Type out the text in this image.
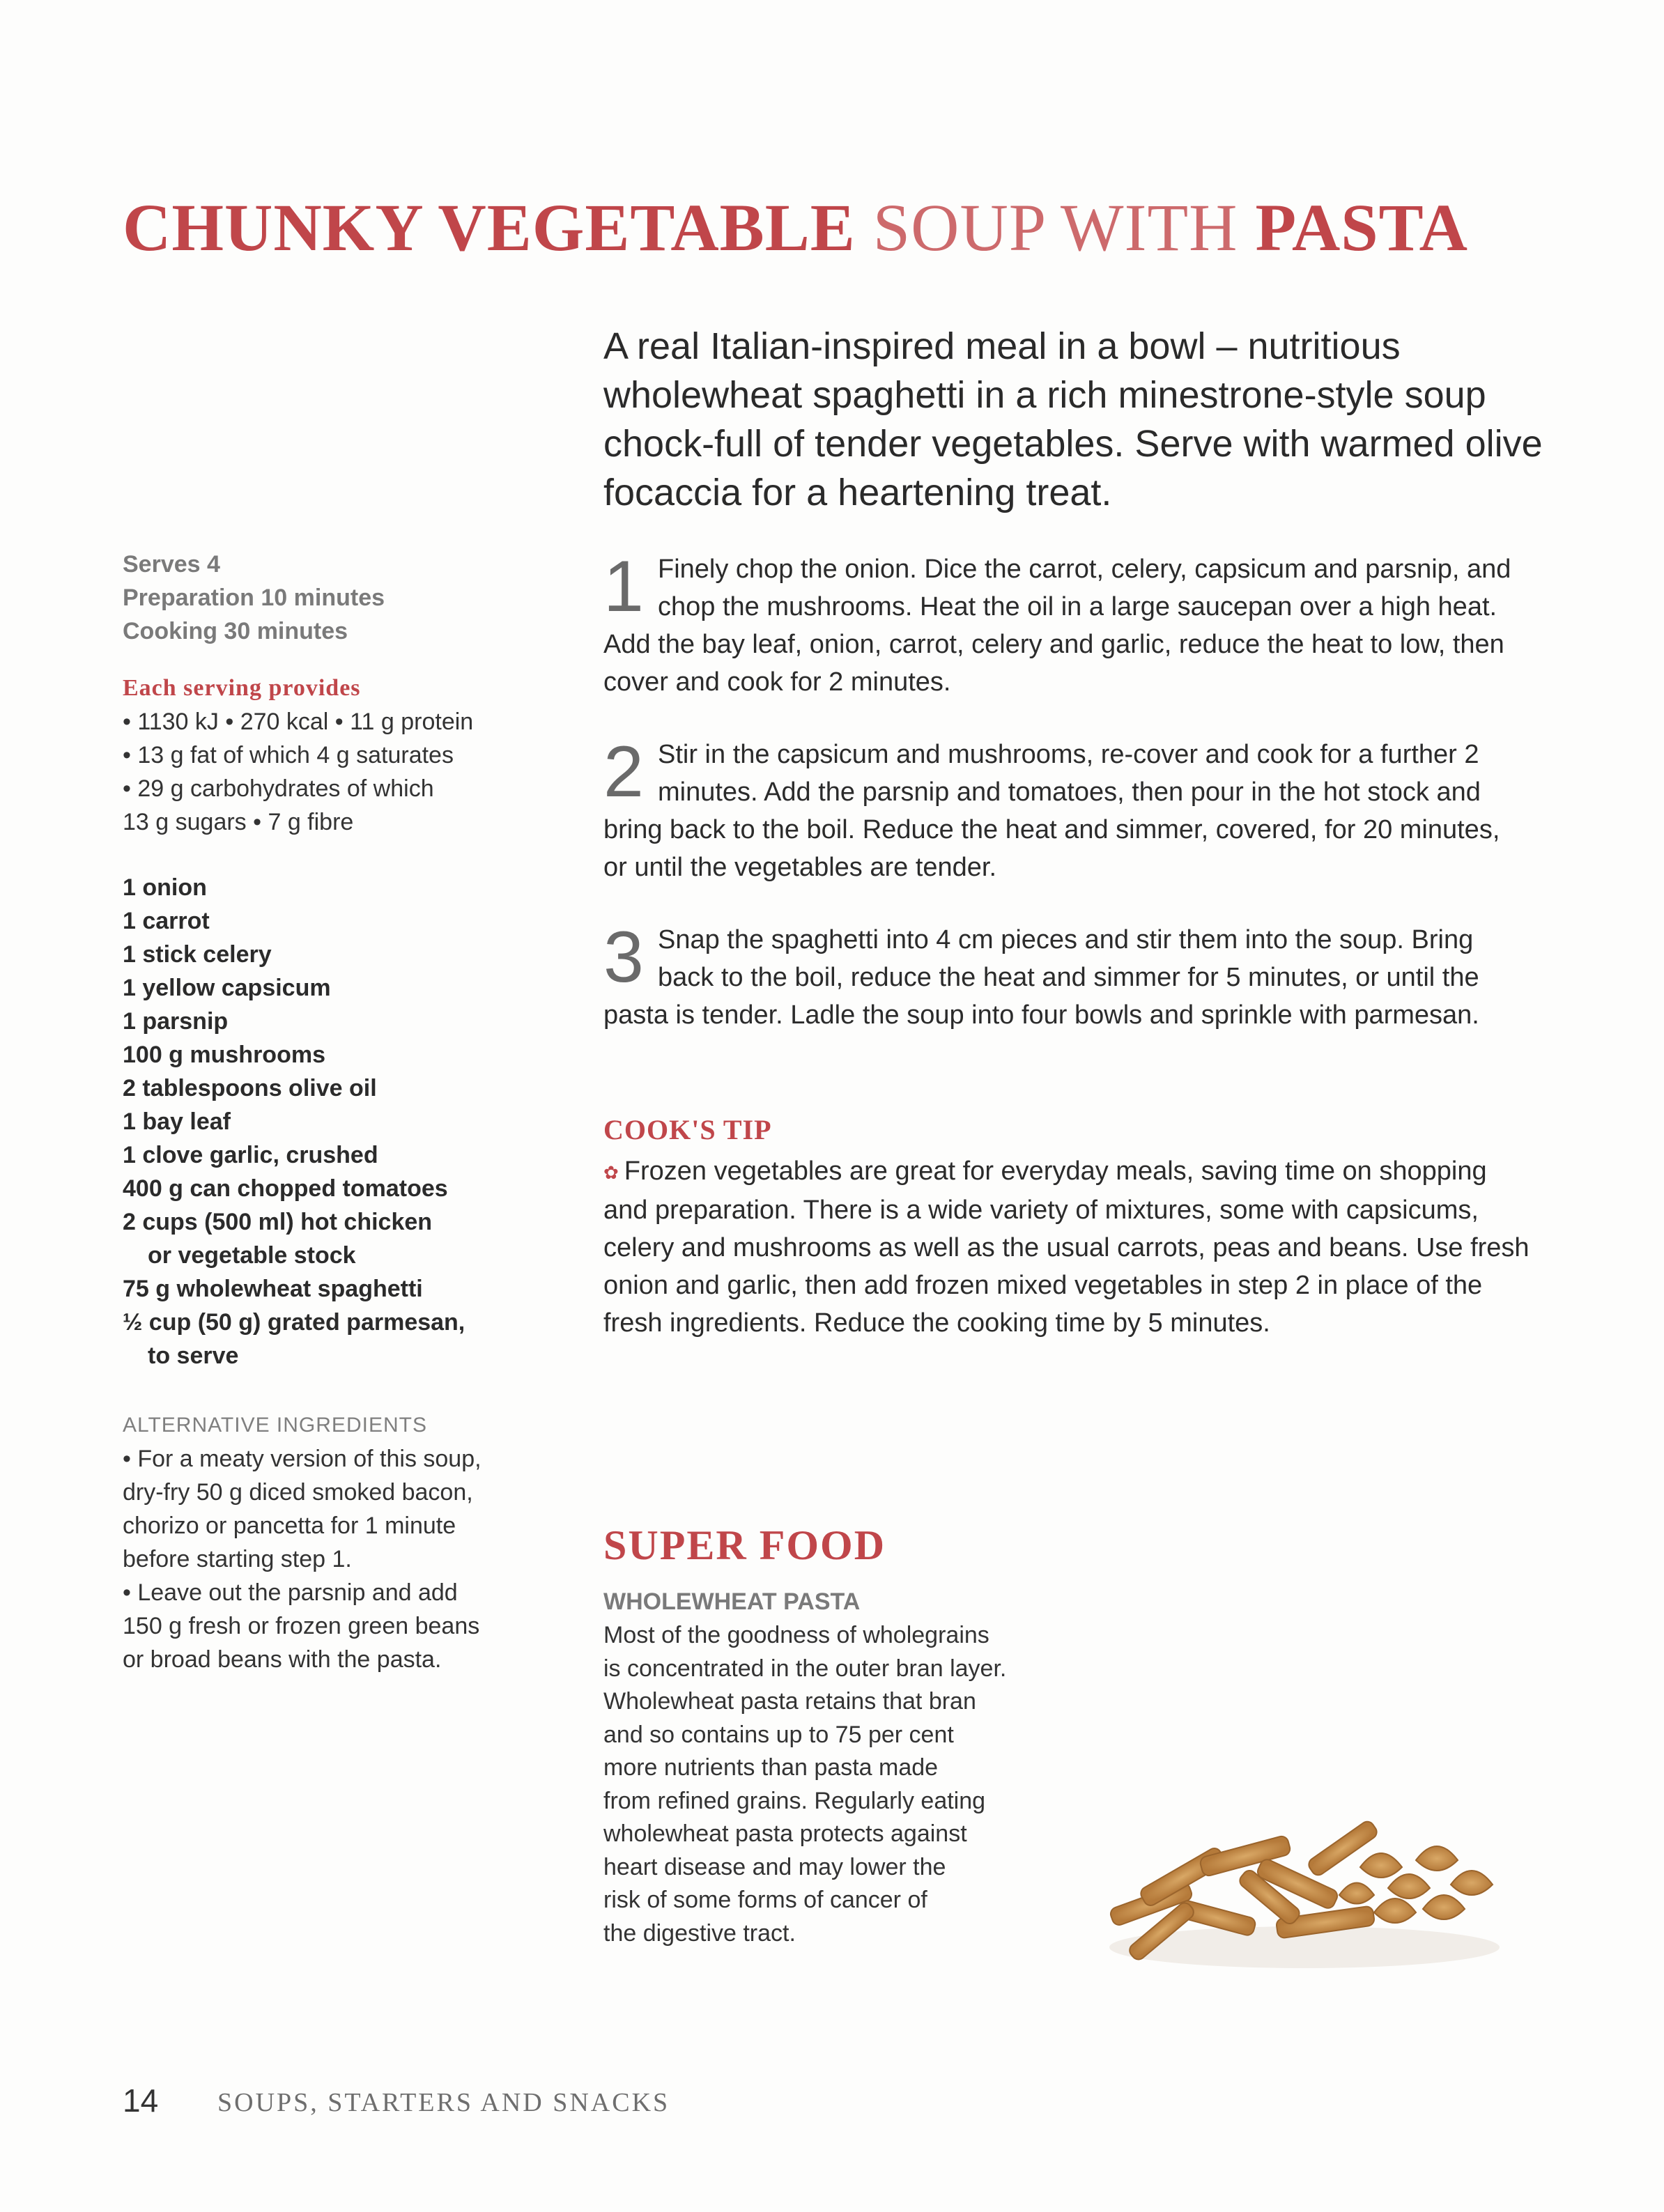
CHUNKY VEGETABLE SOUP WITH PASTA

A real Italian-inspired meal in a bowl – nutritious wholewheat spaghetti in a rich minestrone-style soup chock-full of tender vegetables. Serve with warmed olive focaccia for a heartening treat.

Serves 4
Preparation 10 minutes
Cooking 30 minutes
Each serving provides
• 1130 kJ • 270 kcal • 11 g protein
• 13 g fat of which 4 g saturates
• 29 g carbohydrates of which
13 g sugars • 7 g fibre
1 onion
1 carrot
1 stick celery
1 yellow capsicum
1 parsnip
100 g mushrooms
2 tablespoons olive oil
1 bay leaf
1 clove garlic, crushed
400 g can chopped tomatoes
2 cups (500 ml) hot chicken
or vegetable stock
75 g wholewheat spaghetti
½ cup (50 g) grated parmesan,
to serve
ALTERNATIVE INGREDIENTS
• For a meaty version of this soup,
dry-fry 50 g diced smoked bacon,
chorizo or pancetta for 1 minute
before starting step 1.
• Leave out the parsnip and add
150 g fresh or frozen green beans
or broad beans with the pasta.
1 Finely chop the onion. Dice the carrot, celery, capsicum and parsnip, and chop the mushrooms. Heat the oil in a large saucepan over a high heat. Add the bay leaf, onion, carrot, celery and garlic, reduce the heat to low, then cover and cook for 2 minutes.
2 Stir in the capsicum and mushrooms, re-cover and cook for a further 2 minutes. Add the parsnip and tomatoes, then pour in the hot stock and bring back to the boil. Reduce the heat and simmer, covered, for 20 minutes, or until the vegetables are tender.
3 Snap the spaghetti into 4 cm pieces and stir them into the soup. Bring back to the boil, reduce the heat and simmer for 5 minutes, or until the pasta is tender. Ladle the soup into four bowls and sprinkle with parmesan.
COOK'S TIP
✿ Frozen vegetables are great for everyday meals, saving time on shopping and preparation. There is a wide variety of mixtures, some with capsicums, celery and mushrooms as well as the usual carrots, peas and beans. Use fresh onion and garlic, then add frozen mixed vegetables in step 2 in place of the fresh ingredients. Reduce the cooking time by 5 minutes.
SUPER FOOD
WHOLEWHEAT PASTA
Most of the goodness of wholegrains
is concentrated in the outer bran layer.
Wholewheat pasta retains that bran
and so contains up to 75 per cent
more nutrients than pasta made
from refined grains. Regularly eating
wholewheat pasta protects against
heart disease and may lower the
risk of some forms of cancer of
the digestive tract.
14 SOUPS, STARTERS AND SNACKS
